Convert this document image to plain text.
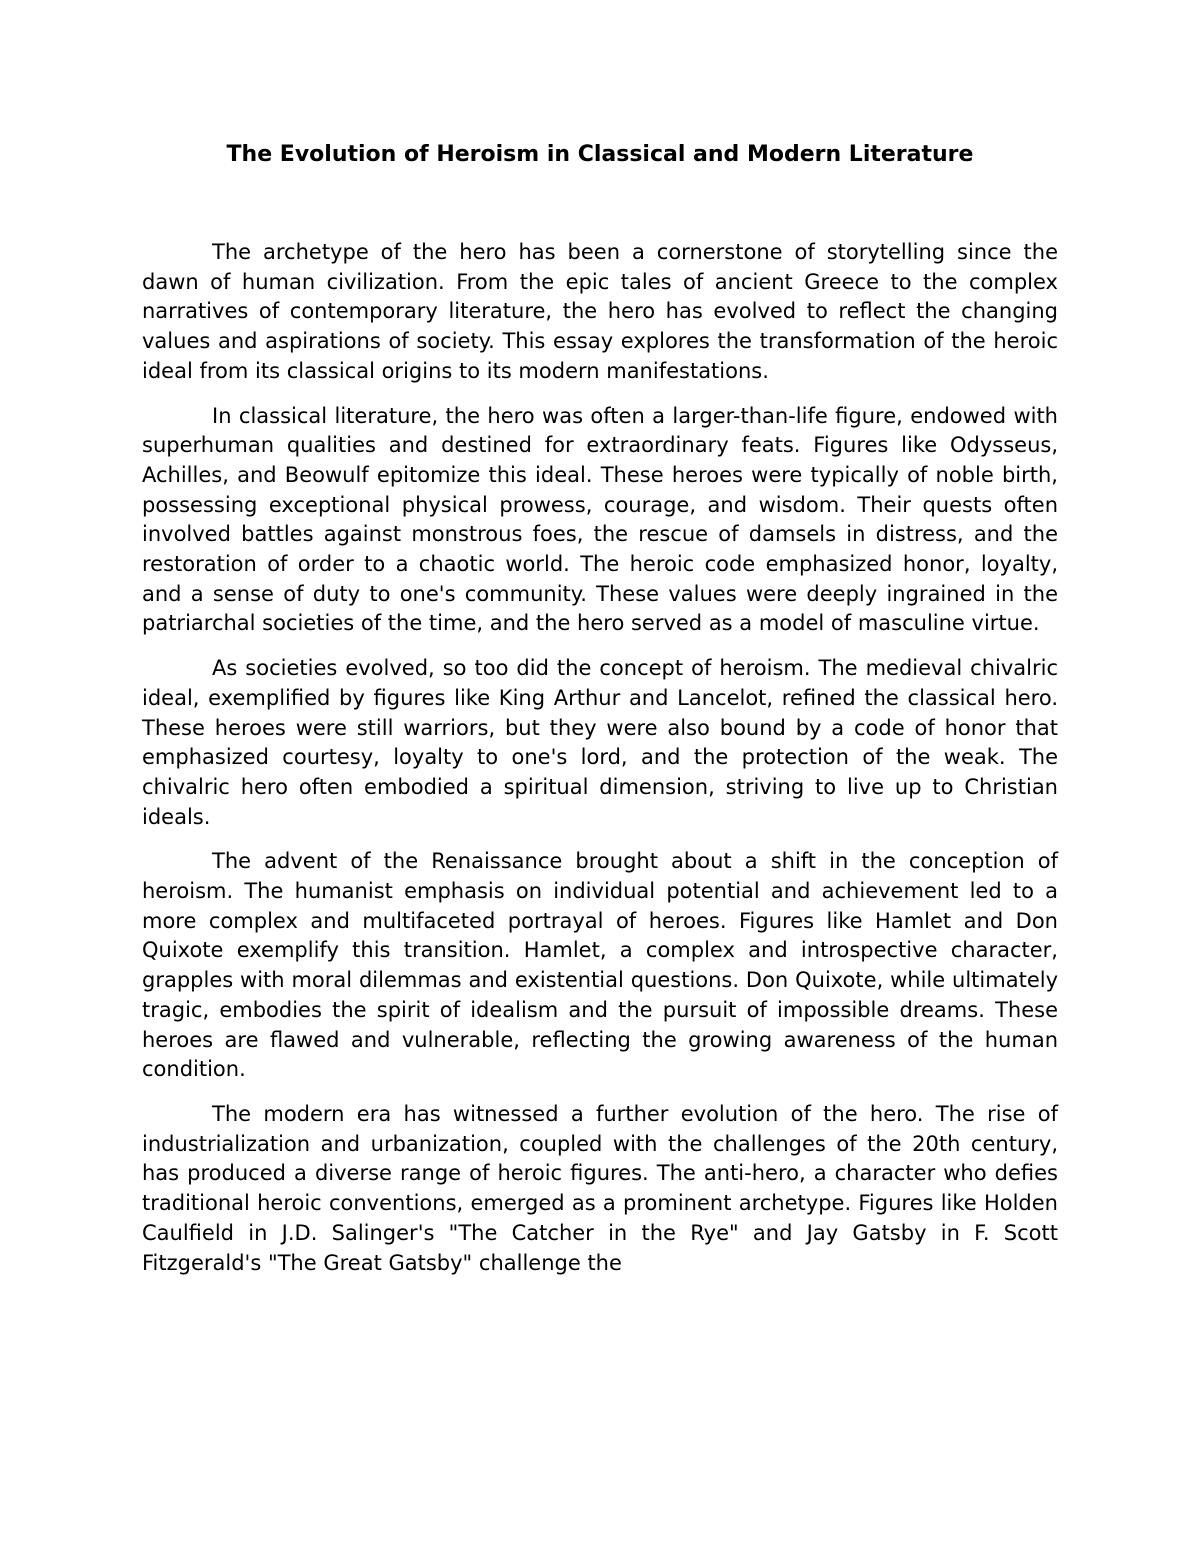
The Evolution of Heroism in Classical and Modern Literature

The archetype of the hero has been a cornerstone of storytelling since the dawn of human civilization. From the epic tales of ancient Greece to the complex narratives of contemporary literature, the hero has evolved to reflect the changing values and aspirations of society. This essay explores the transformation of the heroic ideal from its classical origins to its modern manifestations.

In classical literature, the hero was often a larger-than-life figure, endowed with superhuman qualities and destined for extraordinary feats. Figures like Odysseus, Achilles, and Beowulf epitomize this ideal. These heroes were typically of noble birth, possessing exceptional physical prowess, courage, and wisdom. Their quests often involved battles against monstrous foes, the rescue of damsels in distress, and the restoration of order to a chaotic world. The heroic code emphasized honor, loyalty, and a sense of duty to one's community. These values were deeply ingrained in the patriarchal societies of the time, and the hero served as a model of masculine virtue.

As societies evolved, so too did the concept of heroism. The medieval chivalric ideal, exemplified by figures like King Arthur and Lancelot, refined the classical hero. These heroes were still warriors, but they were also bound by a code of honor that emphasized courtesy, loyalty to one's lord, and the protection of the weak. The chivalric hero often embodied a spiritual dimension, striving to live up to Christian ideals.

The advent of the Renaissance brought about a shift in the conception of heroism. The humanist emphasis on individual potential and achievement led to a more complex and multifaceted portrayal of heroes. Figures like Hamlet and Don Quixote exemplify this transition. Hamlet, a complex and introspective character, grapples with moral dilemmas and existential questions. Don Quixote, while ultimately tragic, embodies the spirit of idealism and the pursuit of impossible dreams. These heroes are flawed and vulnerable, reflecting the growing awareness of the human condition.

The modern era has witnessed a further evolution of the hero. The rise of industrialization and urbanization, coupled with the challenges of the 20th century, has produced a diverse range of heroic figures. The anti-hero, a character who defies traditional heroic conventions, emerged as a prominent archetype. Figures like Holden Caulfield in J.D. Salinger's "The Catcher in the Rye" and Jay Gatsby in F. Scott Fitzgerald's "The Great Gatsby" challenge the
